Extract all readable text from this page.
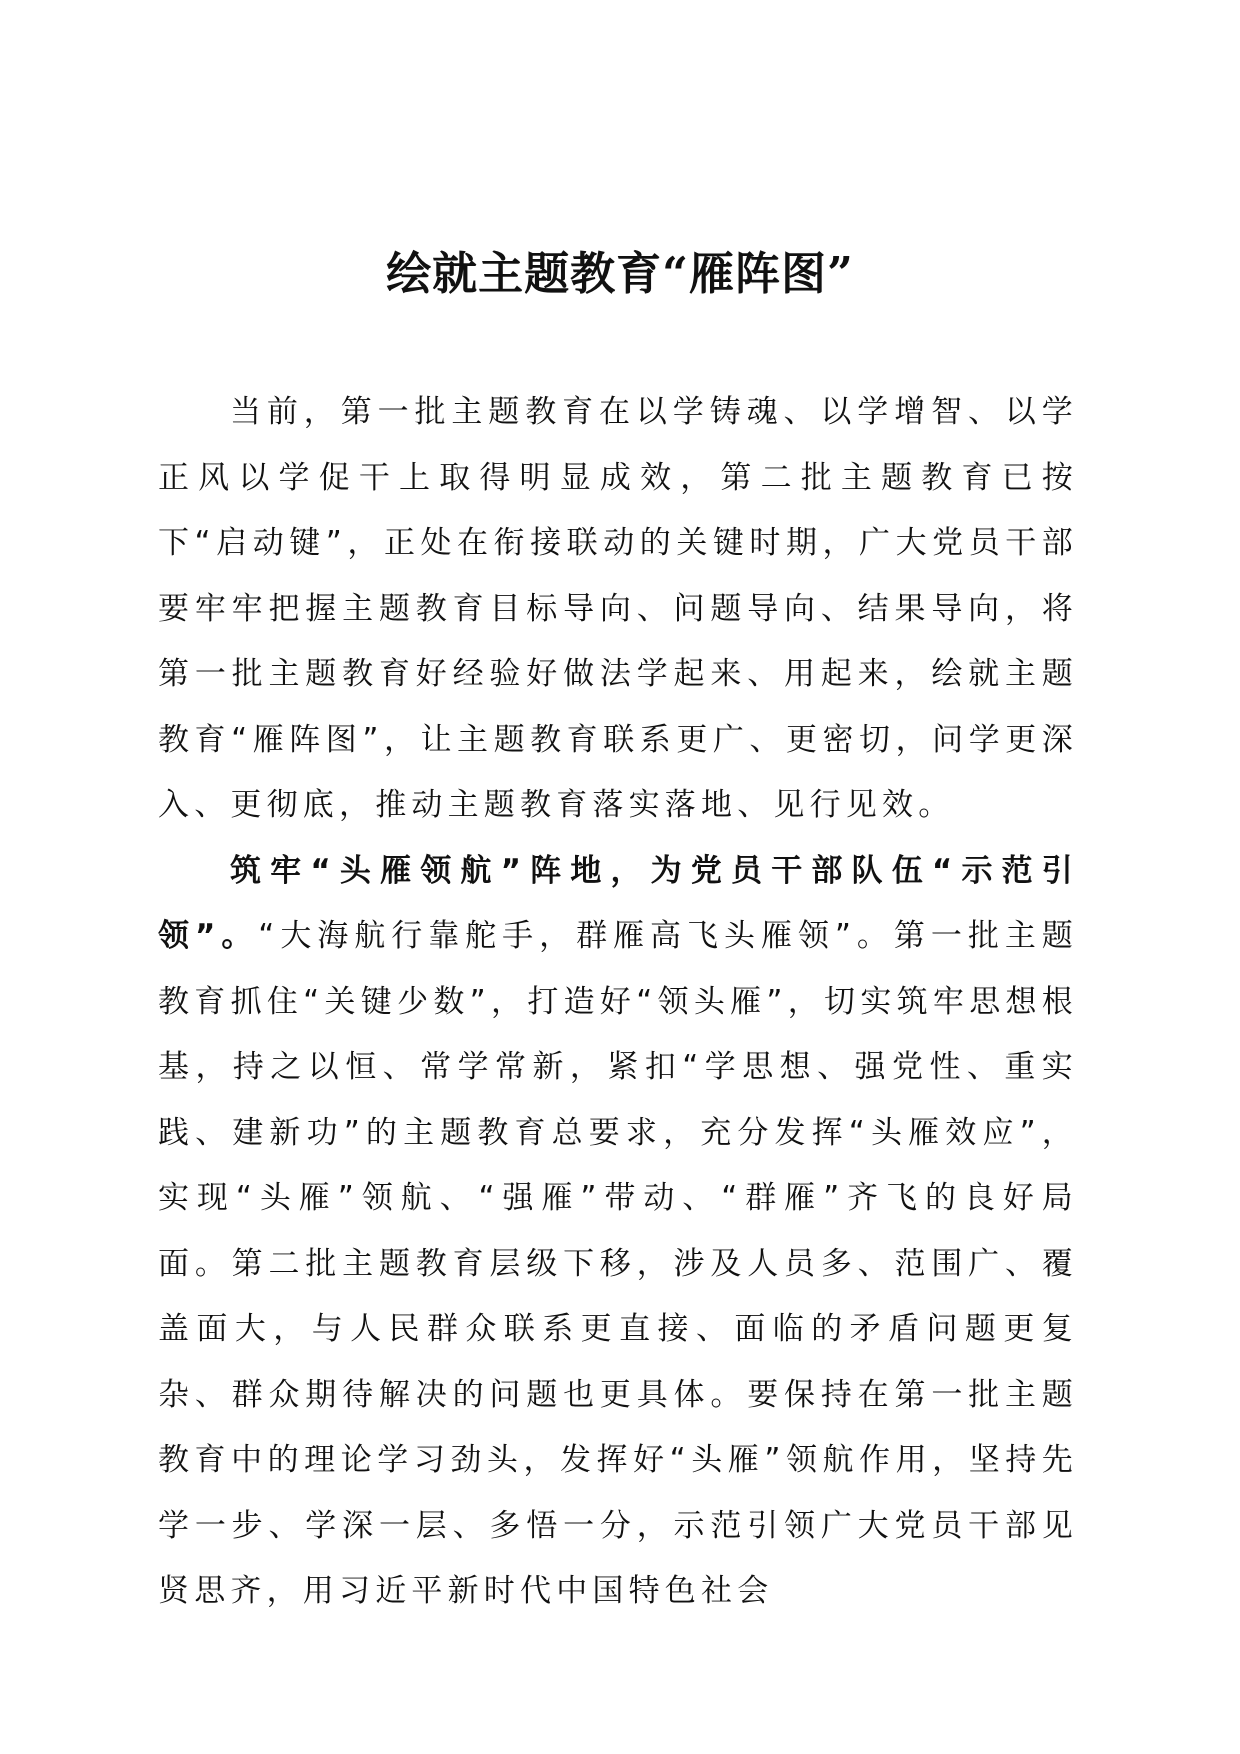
绘就主题教育“雁阵图”

当前，第一批主题教育在以学铸魂、以学增智、以学正风以学促干上取得明显成效，第二批主题教育已按下“启动键”，正处在衔接联动的关键时期，广大党员干部要牢牢把握主题教育目标导向、问题导向、结果导向，将第一批主题教育好经验好做法学起来、用起来，绘就主题教育“雁阵图”，让主题教育联系更广、更密切，问学更深入、更彻底，推动主题教育落实落地、见行见效。

筑牢“头雁领航”阵地，为党员干部队伍“示范引领”。“大海航行靠舵手，群雁高飞头雁领”。第一批主题教育抓住“关键少数”，打造好“领头雁”，切实筑牢思想根基，持之以恒、常学常新，紧扣“学思想、强党性、重实践、建新功”的主题教育总要求，充分发挥“头雁效应”，实现“头雁”领航、“强雁”带动、“群雁”齐飞的良好局面。第二批主题教育层级下移，涉及人员多、范围广、覆盖面大，与人民群众联系更直接、面临的矛盾问题更复杂、群众期待解决的问题也更具体。要保持在第一批主题教育中的理论学习劲头，发挥好“头雁”领航作用，坚持先学一步、学深一层、多悟一分，示范引领广大党员干部见贤思齐，用习近平新时代中国特色社会
